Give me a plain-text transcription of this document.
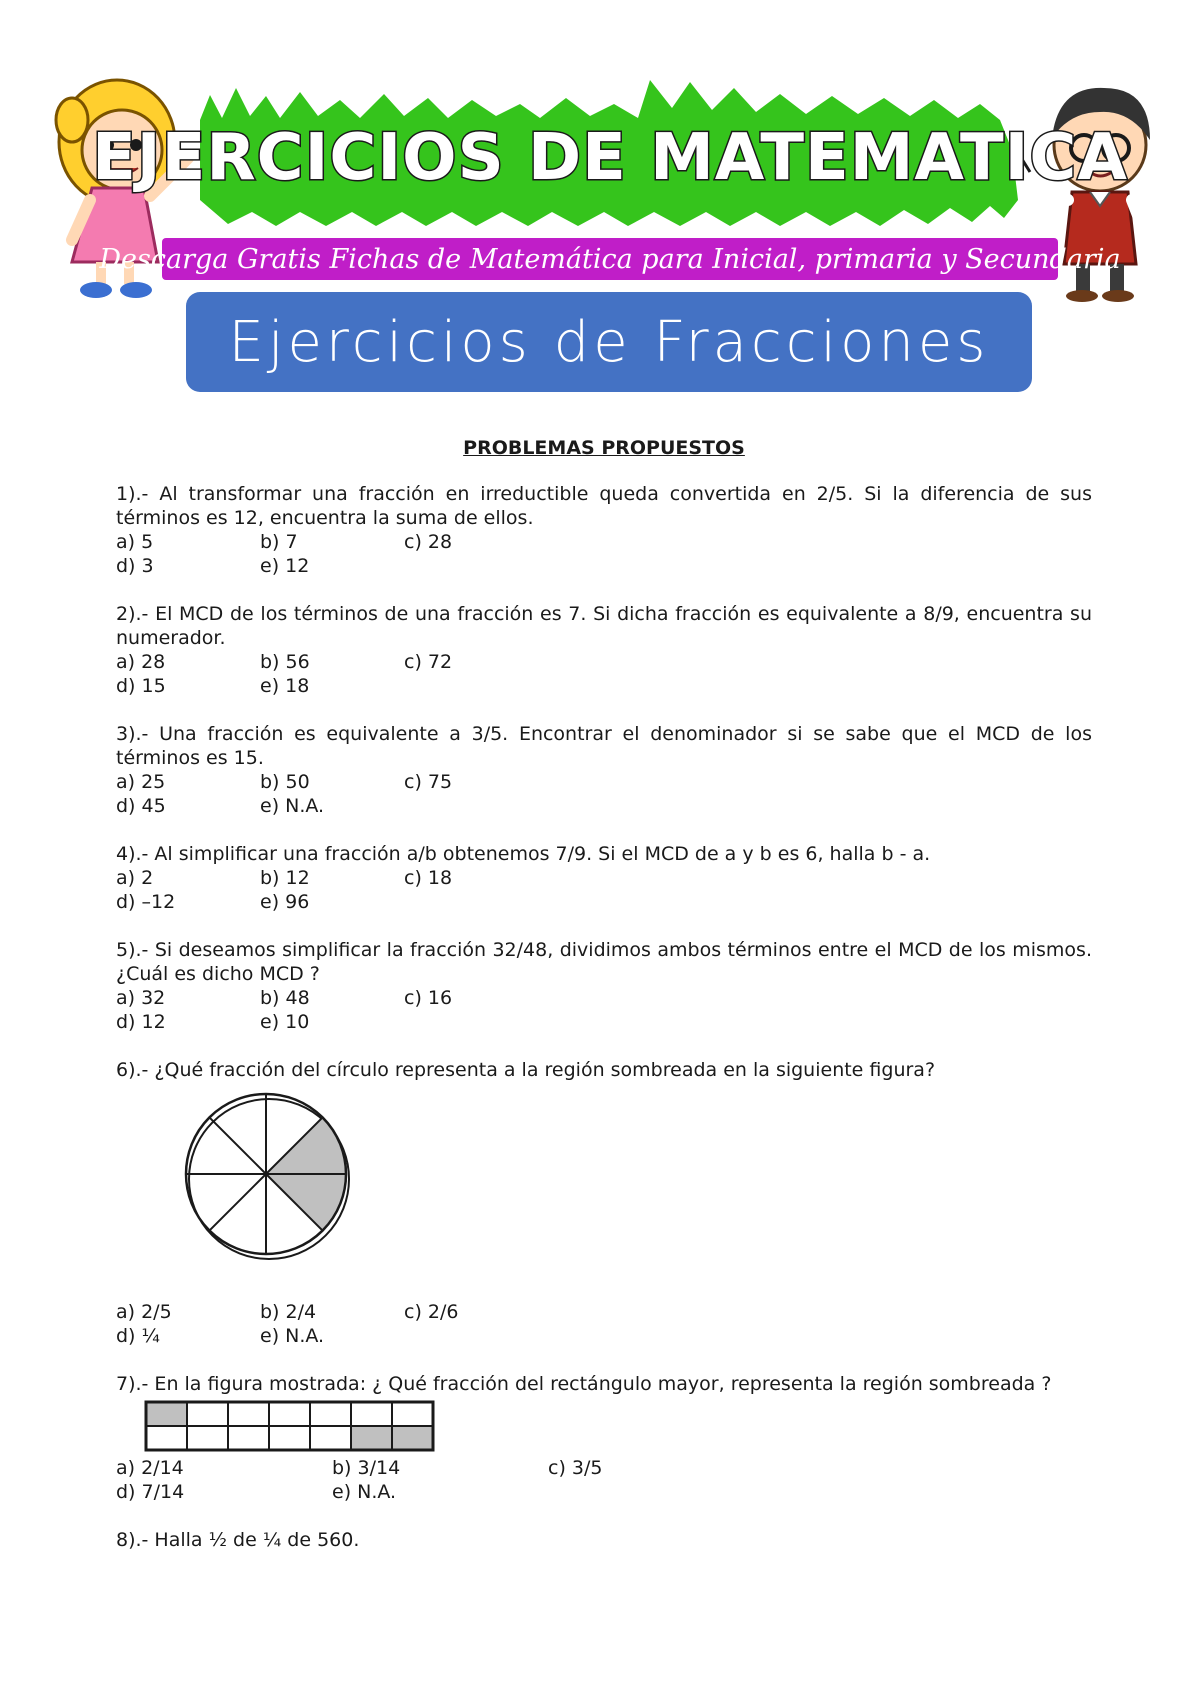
EJERCICIOS DE MATEMATICA
Descarga Gratis Fichas de Matemática para Inicial, primaria y Secundaria
Ejercicios de Fracciones
PROBLEMAS PROPUESTOS
1).- Al transformar una fracción en irreductible queda convertida en 2/5. Si la diferencia de sus términos es 12, encuentra la suma de ellos.
a) 5	b) 7	c) 28
d) 3	e) 12
2).- El MCD de los términos de una fracción es 7. Si dicha fracción es equivalente a 8/9, encuentra su numerador.
a) 28	b) 56	c) 72
d) 15	e) 18
3).- Una fracción es equivalente a 3/5. Encontrar el denominador si se sabe que el MCD de los términos es 15.
a) 25	b) 50	c) 75
d) 45	e) N.A.
4).- Al simplificar una fracción a/b obtenemos 7/9. Si el MCD de a y b es 6, halla b - a.
a) 2	b) 12	c) 18
d) –12	e) 96
5).- Si deseamos simplificar la fracción 32/48, dividimos ambos términos entre el MCD de los mismos. ¿Cuál es dicho MCD ?
a) 32	b) 48	c) 16
d) 12	e) 10
6).- ¿Qué fracción del círculo representa a la región sombreada en la siguiente figura?
a) 2/5	b) 2/4	c) 2/6
d) ¼	e) N.A.
7).- En la figura mostrada: ¿ Qué fracción del rectángulo mayor, representa la región sombreada ?
a) 2/14	b) 3/14	c) 3/5
d) 7/14	e) N.A.
8).- Halla ½ de ¼ de 560.
